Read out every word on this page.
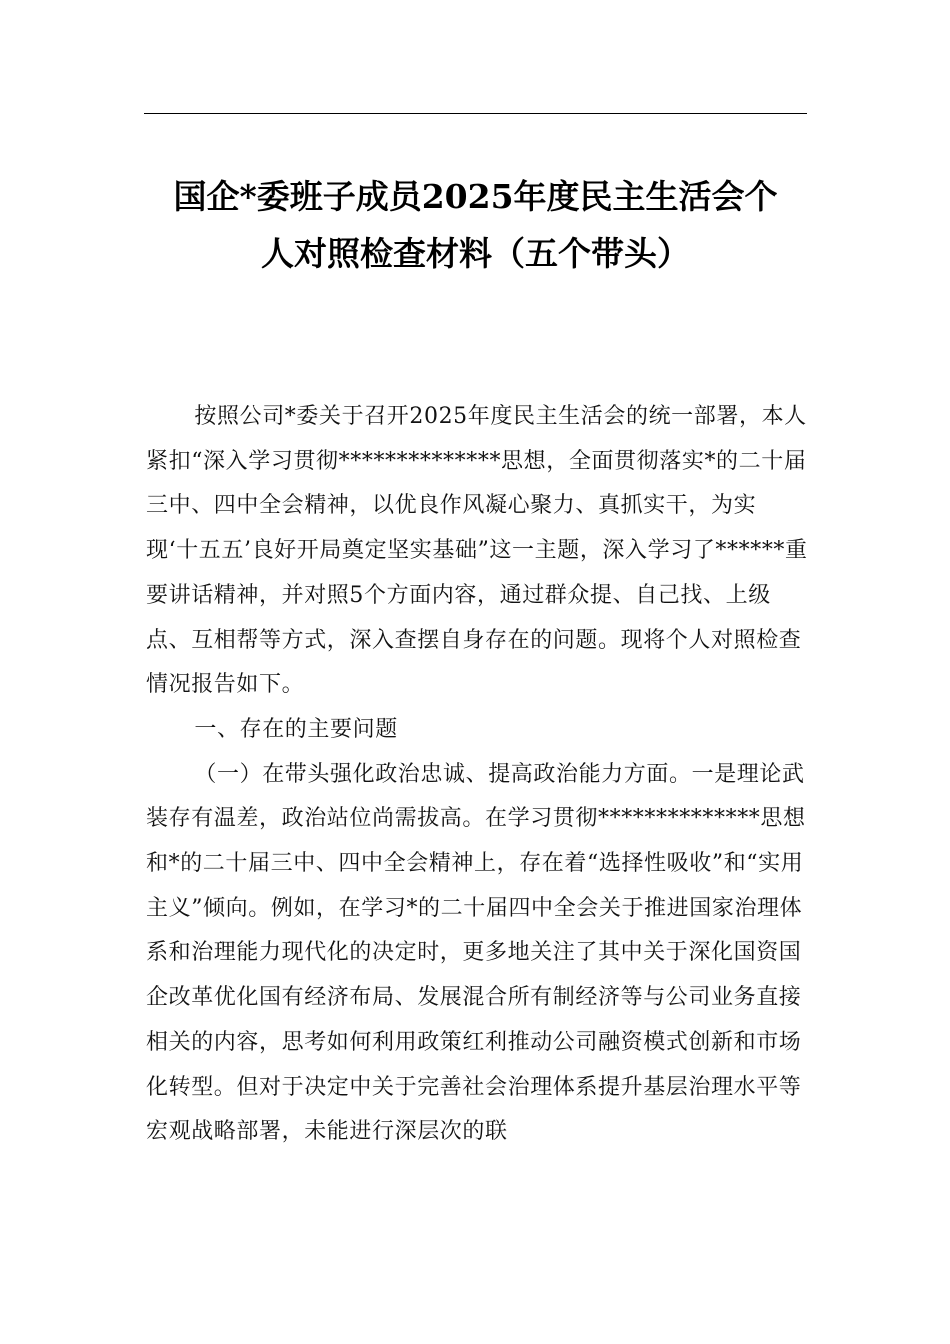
国企*委班子成员2025年度民主生活会个
人对照检查材料（五个带头）

按照公司*委关于召开2025年度民主生活会的统一部署，本人紧扣“深入学习贯彻**************思想，全面贯彻落实*的二十届三中、四中全会精神，以优良作风凝心聚力、真抓实干，为实现‘十五五’良好开局奠定坚实基础”这一主题，深入学习了******重要讲话精神，并对照5个方面内容，通过群众提、自己找、上级点、互相帮等方式，深入查摆自身存在的问题。现将个人对照检查情况报告如下。

一、存在的主要问题

（一）在带头强化政治忠诚、提高政治能力方面。一是理论武装存有温差，政治站位尚需拔高。在学习贯彻**************思想和*的二十届三中、四中全会精神上，存在着“选择性吸收”和“实用主义”倾向。例如，在学习*的二十届四中全会关于推进国家治理体系和治理能力现代化的决定时，更多地关注了其中关于深化国资国企改革优化国有经济布局、发展混合所有制经济等与公司业务直接相关的内容，思考如何利用政策红利推动公司融资模式创新和市场化转型。但对于决定中关于完善社会治理体系提升基层治理水平等宏观战略部署，未能进行深层次的联
